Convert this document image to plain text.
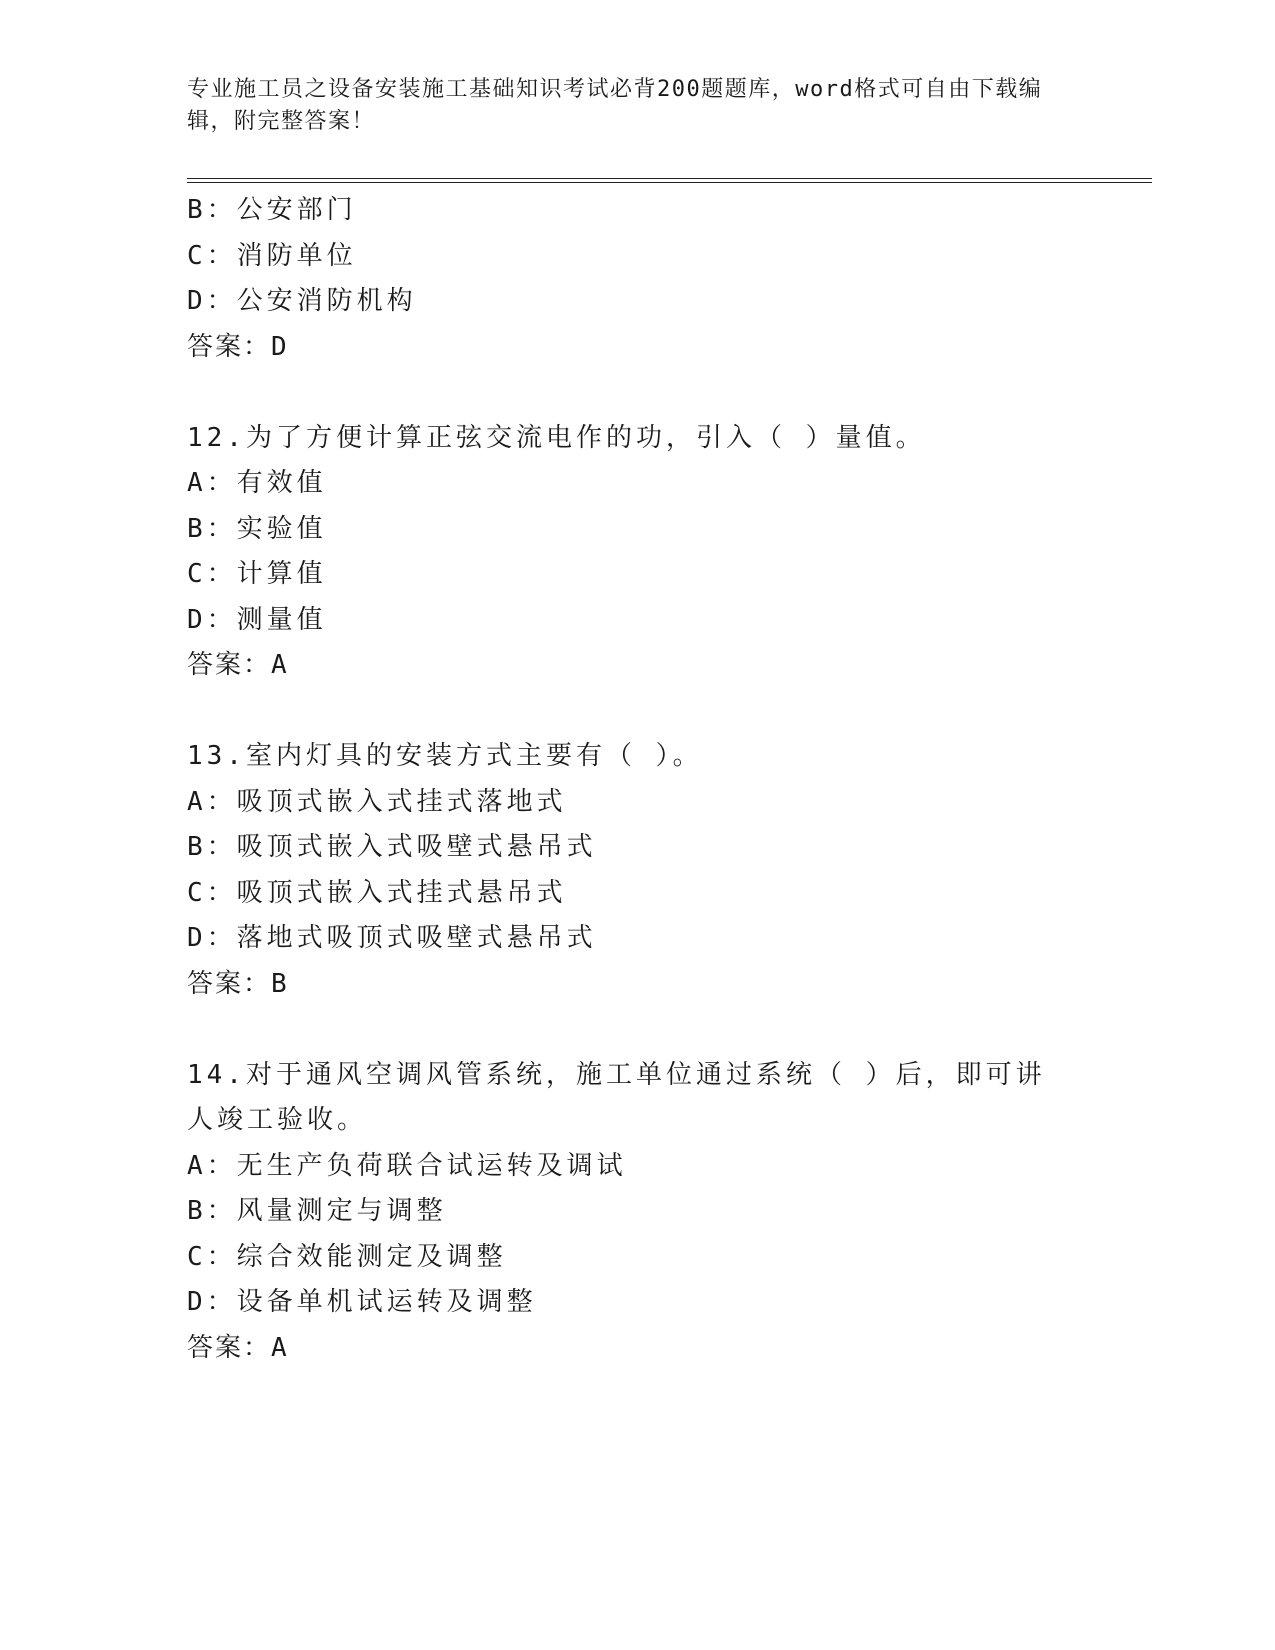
专业施工员之设备安装施工基础知识考试必背200题题库，word格式可自由下载编辑，附完整答案！
B：公安部门
C：消防单位
D：公安消防机构
答案：D
12.为了方便计算正弦交流电作的功，引入（ ）量值。
A：有效值
B：实验值
C：计算值
D：测量值
答案：A
13.室内灯具的安装方式主要有（ ）。
A：吸顶式嵌入式挂式落地式
B：吸顶式嵌入式吸壁式悬吊式
C：吸顶式嵌入式挂式悬吊式
D：落地式吸顶式吸壁式悬吊式
答案：B
14.对于通风空调风管系统，施工单位通过系统（ ）后，即可讲人竣工验收。
A：无生产负荷联合试运转及调试
B：风量测定与调整
C：综合效能测定及调整
D：设备单机试运转及调整
答案：A
